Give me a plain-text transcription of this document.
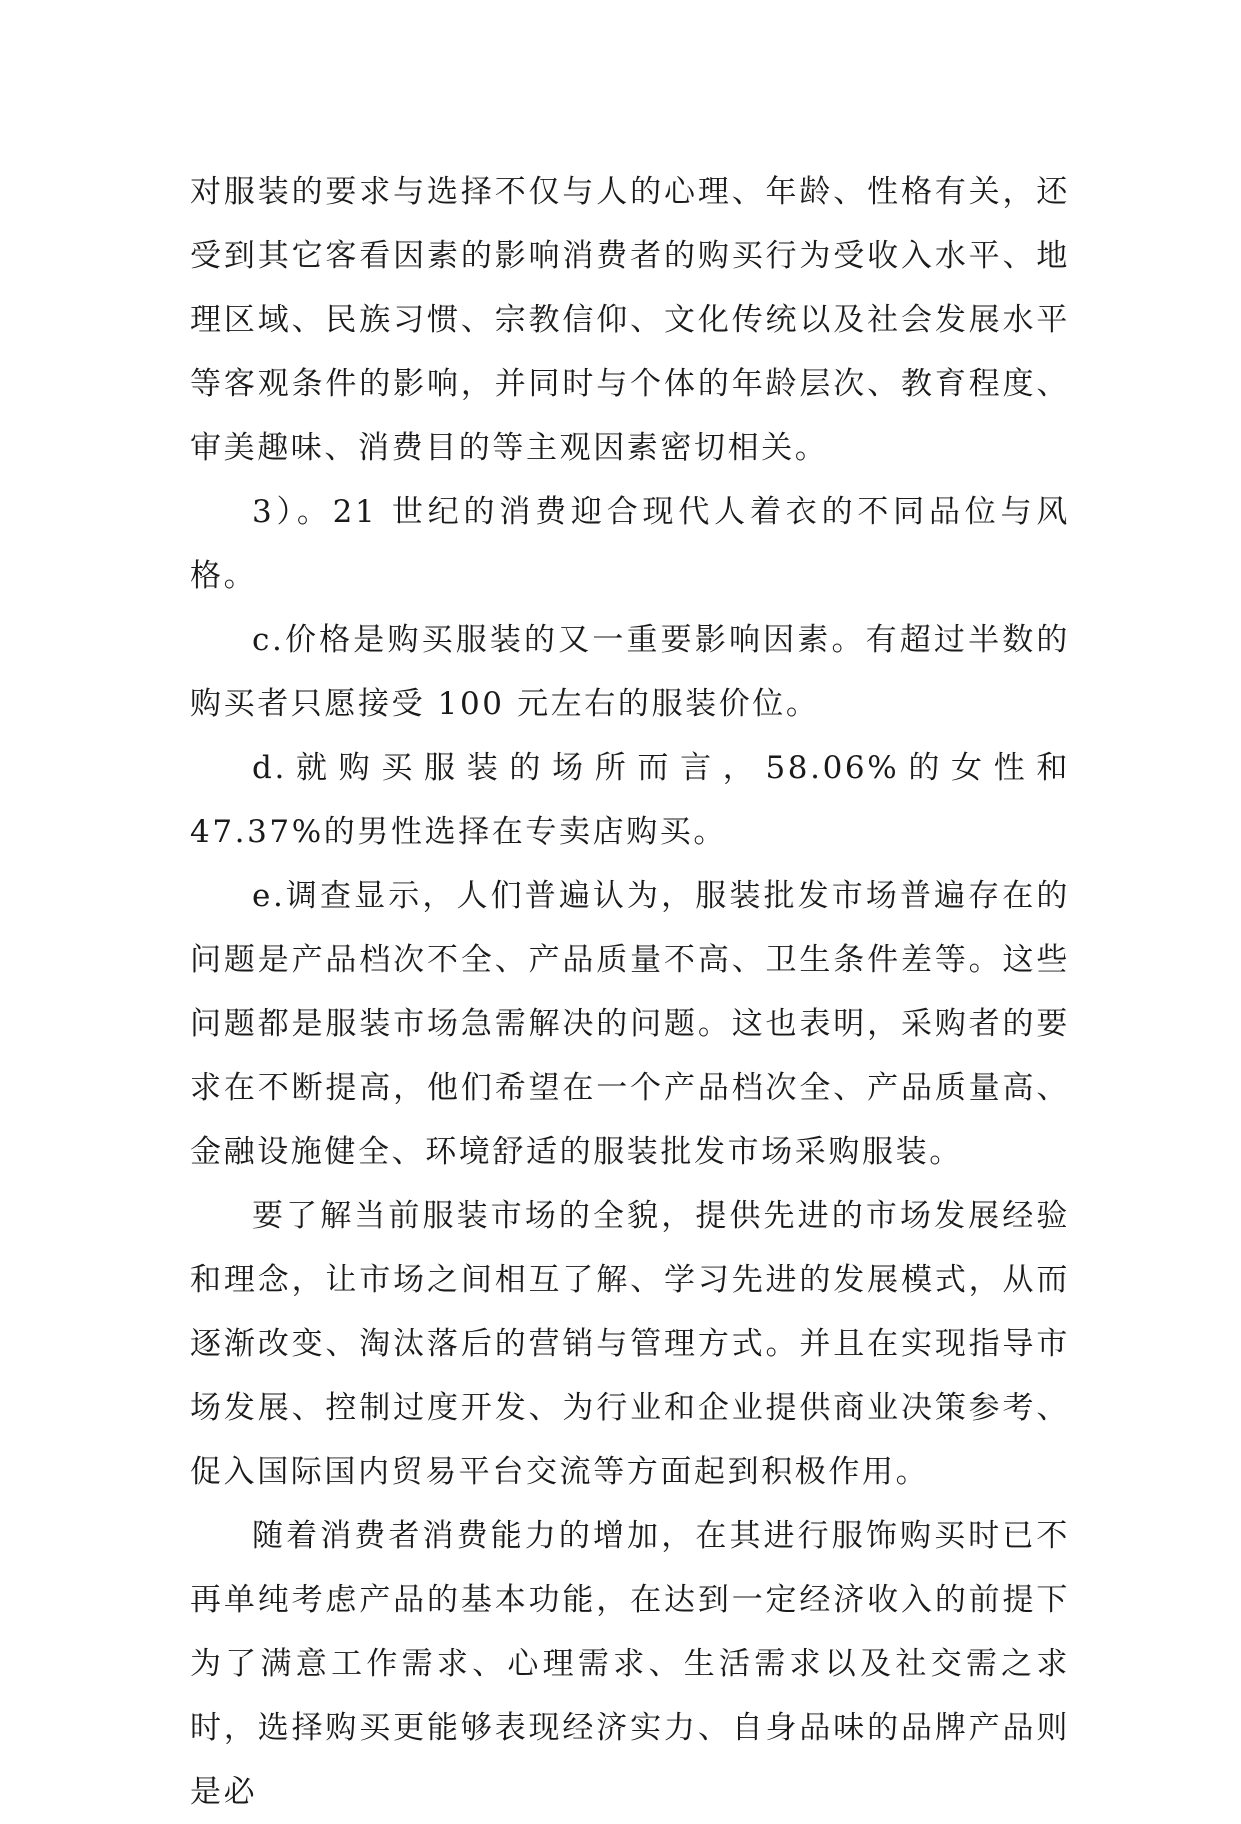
对服装的要求与选择不仅与人的心理、年龄、性格有关，还受到其它客看因素的影响消费者的购买行为受收入水平、地理区域、民族习惯、宗教信仰、文化传统以及社会发展水平等客观条件的影响，并同时与个体的年龄层次、教育程度、审美趣味、消费目的等主观因素密切相关。

3）。21 世纪的消费迎合现代人着衣的不同品位与风格。

c.价格是购买服装的又一重要影响因素。有超过半数的购买者只愿接受 100 元左右的服装价位。

d.就购买服装的场所而言，58.06%的女性和 47.37%的男性选择在专卖店购买。

e.调查显示，人们普遍认为，服装批发市场普遍存在的问题是产品档次不全、产品质量不高、卫生条件差等。这些问题都是服装市场急需解决的问题。这也表明，采购者的要求在不断提高，他们希望在一个产品档次全、产品质量高、金融设施健全、环境舒适的服装批发市场采购服装。

要了解当前服装市场的全貌，提供先进的市场发展经验和理念，让市场之间相互了解、学习先进的发展模式，从而逐渐改变、淘汰落后的营销与管理方式。并且在实现指导市场发展、控制过度开发、为行业和企业提供商业决策参考、促入国际国内贸易平台交流等方面起到积极作用。

随着消费者消费能力的增加，在其进行服饰购买时已不再单纯考虑产品的基本功能，在达到一定经济收入的前提下为了满意工作需求、心理需求、生活需求以及社交需之求时，选择购买更能够表现经济实力、自身品味的品牌产品则是必
